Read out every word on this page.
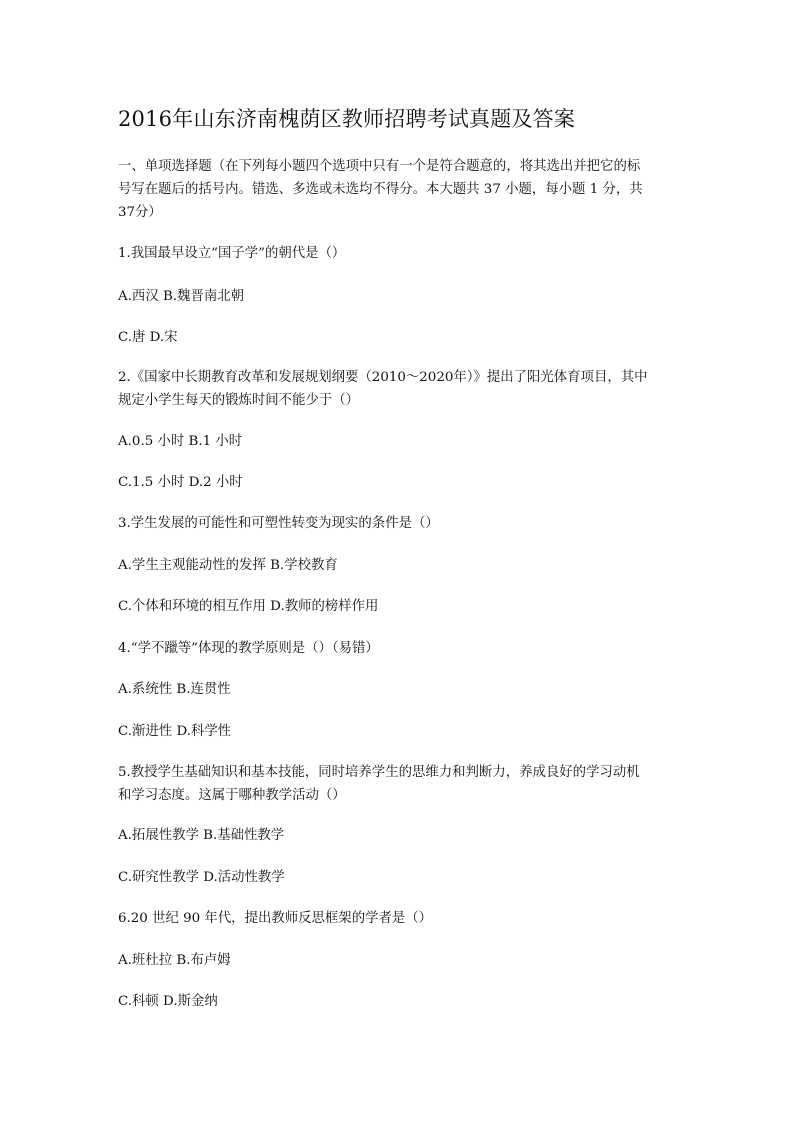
2016年山东济南槐荫区教师招聘考试真题及答案
一、单项选择题（在下列每小题四个选项中只有一个是符合题意的，将其选出并把它的标
号写在题后的括号内。错选、多选或未选均不得分。本大题共 37 小题，每小题 1 分，共
37分）
1.我国最早设立“国子学”的朝代是（）
A.西汉 B.魏晋南北朝
C.唐 D.宋
2.《国家中长期教育改革和发展规划纲要（2010～2020年）》提出了阳光体育项目，其中
规定小学生每天的锻炼时间不能少于（）
A.0.5 小时 B.1 小时
C.1.5 小时 D.2 小时
3.学生发展的可能性和可塑性转变为现实的条件是（）
A.学生主观能动性的发挥 B.学校教育
C.个体和环境的相互作用 D.教师的榜样作用
4.“学不躐等”体现的教学原则是（）（易错）
A.系统性 B.连贯性
C.渐进性 D.科学性
5.教授学生基础知识和基本技能，同时培养学生的思维力和判断力，养成良好的学习动机
和学习态度。这属于哪种教学活动（）
A.拓展性教学 B.基础性教学
C.研究性教学 D.活动性教学
6.20 世纪 90 年代，提出教师反思框架的学者是（）
A.班杜拉 B.布卢姆
C.科顿 D.斯金纳
